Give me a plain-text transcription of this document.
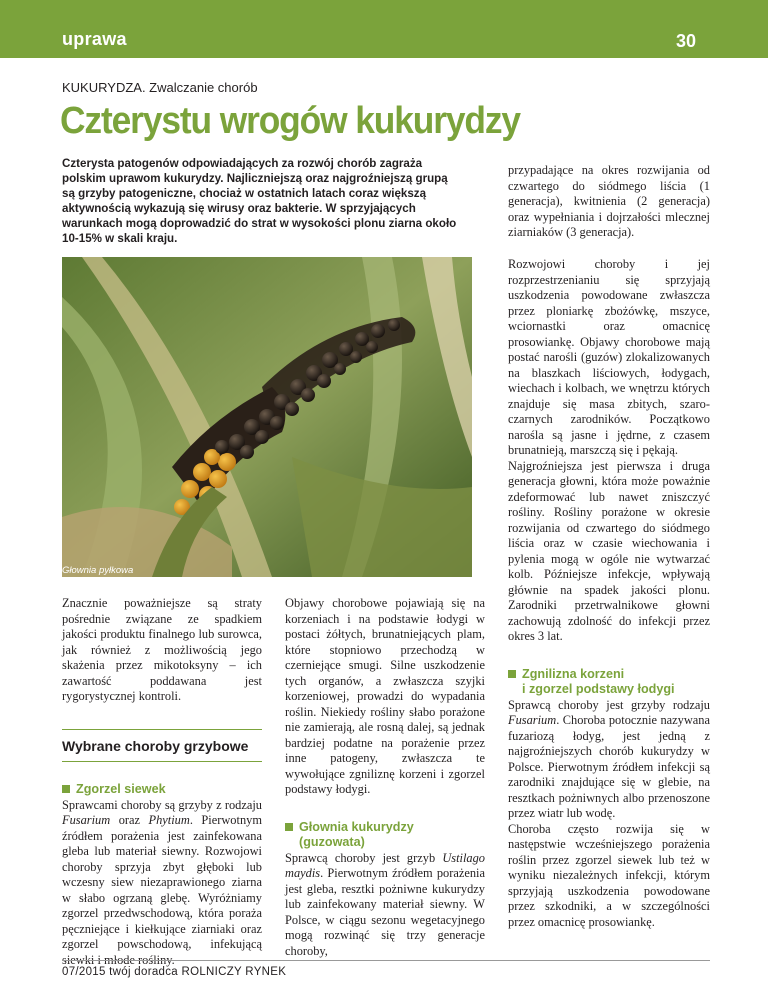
uprawa	30
KUKURYDZA. Zwalczanie chorób
Czterystu wrogów kukurydzy

Czterysta patogenów odpowiadających za rozwój chorób zagraża polskim uprawom kukurydzy. Najliczniejszą oraz najgroźniejszą grupą są grzyby patogeniczne, chociaż w ostatnich latach coraz większą aktywnością wykazują się wirusy oraz bakterie. W sprzyjających warunkach mogą doprowadzić do strat w wysokości plonu ziarna około 10-15% w skali kraju.

Głownia pyłkowa

Znacznie poważniejsze są straty pośrednie związane ze spadkiem jakości produktu finalnego lub surowca, jak również z możliwością jego skażenia przez mikotoksyny – ich zawartość poddawana jest rygorystycznej kontroli.

Wybrane choroby grzybowe
Zgorzel siewek

Sprawcami choroby są grzyby z rodzaju Fusarium oraz Phytium. Pierwotnym źródłem porażenia jest zainfekowana gleba lub materiał siewny. Rozwojowi choroby sprzyja zbyt głęboki lub wczesny siew niezaprawionego ziarna w słabo ogrzaną glebę. Wyróżniamy zgorzel przedwschodową, która poraża pęczniejące i kiełkujące ziarniaki oraz zgorzel powschodową, infekującą siewki i młode rośliny.

Objawy chorobowe pojawiają się na korzeniach i na podstawie łodygi w postaci żółtych, brunatniejących plam, które stopniowo przechodzą w czerniejące smugi. Silne uszkodzenie tych organów, a zwłaszcza szyjki korzeniowej, prowadzi do wypadania roślin. Niekiedy rośliny słabo porażone nie zamierają, ale rosną dalej, są jednak bardziej podatne na porażenie przez inne patogeny, zwłaszcza te wywołujące zgniliznę korzeni i zgorzel podstawy łodygi.

Głownia kukurydzy
(guzowata)

Sprawcą choroby jest grzyb Ustilago maydis. Pierwotnym źródłem porażenia jest gleba, resztki pożniwne kukurydzy lub zainfekowany materiał siewny. W Polsce, w ciągu sezonu wegetacyjnego mogą rozwinąć się trzy generacje choroby,

przypadające na okres rozwijania od czwartego do siódmego liścia (1 generacja), kwitnienia (2 generacja) oraz wypełniania i dojrzałości mlecznej ziarniaków (3 generacja).

Rozwojowi choroby i jej rozprzestrzenianiu się sprzyjają uszkodzenia powodowane zwłaszcza przez ploniarkę zbożówkę, mszyce, wciornastki oraz omacnicę prosowiankę. Objawy chorobowe mają postać narośli (guzów) zlokalizowanych na blaszkach liściowych, łodygach, wiechach i kolbach, we wnętrzu których znajduje się masa zbitych, szaro-czarnych zarodników. Początkowo narośla są jasne i jędrne, z czasem brunatnieją, marszczą się i pękają.

Najgroźniejsza jest pierwsza i druga generacja głowni, która może poważnie zdeformować lub nawet zniszczyć rośliny. Rośliny porażone w okresie rozwijania od czwartego do siódmego liścia oraz w czasie wiechowania i pylenia mogą w ogóle nie wytwarzać kolb. Późniejsze infekcje, wpływają głównie na spadek jakości plonu. Zarodniki przetrwalnikowe głowni zachowują zdolność do infekcji przez okres 3 lat.

Zgnilizna korzeni
i zgorzel podstawy łodygi

Sprawcą choroby jest grzyby rodzaju Fusarium. Choroba potocznie nazywana fuzariozą łodyg, jest jedną z najgroźniejszych chorób kukurydzy w Polsce. Pierwotnym źródłem infekcji są zarodniki znajdujące się w glebie, na resztkach pożniwnych albo przenoszone przez wiatr lub wodę.

Choroba często rozwija się w następstwie wcześniejszego porażenia roślin przez zgorzel siewek lub też w wyniku niezależnych infekcji, którym sprzyjają uszkodzenia powodowane przez szkodniki, a w szczególności przez omacnicę prosowiankę.

07/2015 twój doradca ROLNICZY RYNEK
